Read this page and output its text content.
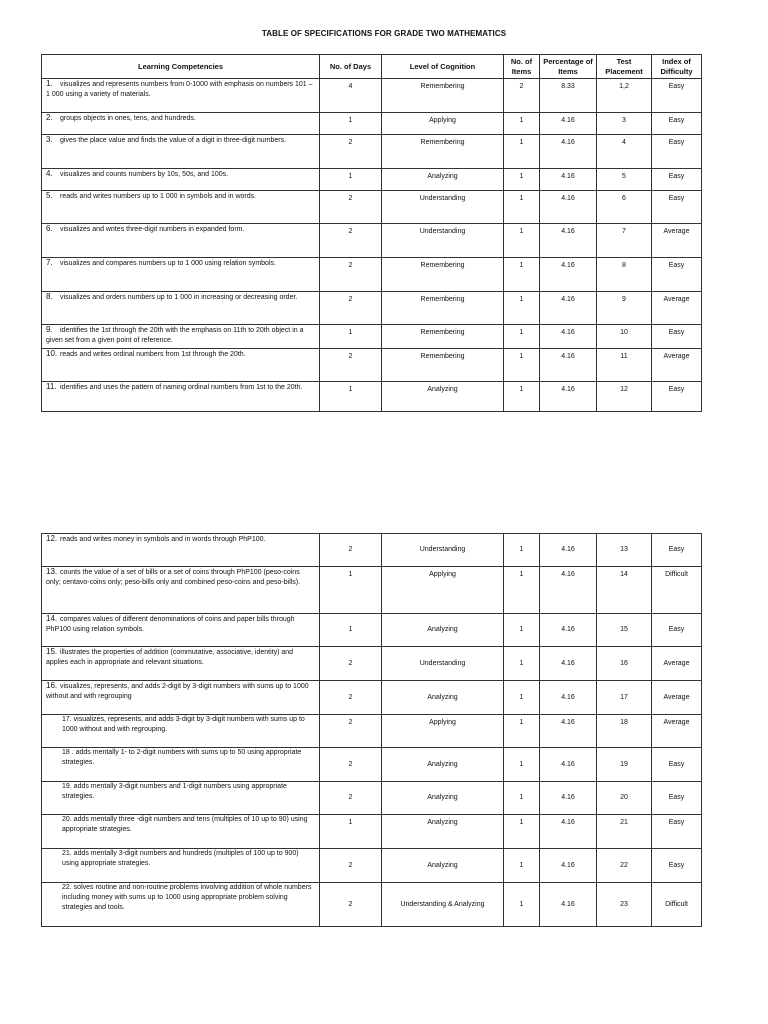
TABLE OF SPECIFICATIONS FOR GRADE TWO MATHEMATICS
Learning Competencies	No. of Days	Level of Cognition	No. of Items	Percentage of Items	Test Placement	Index of Difficulty
1. visualizes and represents numbers from 0-1000 with emphasis on numbers 101 – 1 000 using a variety of materials.	4	Remembering	2	8.33	1,2	Easy
2. groups objects in ones, tens, and hundreds.	1	Applying	1	4.16	3	Easy
3. gives the place value and finds the value of a digit in three-digit numbers.	2	Remembering	1	4.16	4	Easy
4. visualizes and counts numbers by 10s, 50s, and 100s.	1	Analyzing	1	4.16	5	Easy
5. reads and writes numbers up to 1 000 in symbols and in words.	2	Understanding	1	4.16	6	Easy
6. visualizes and writes three-digit numbers in expanded form.	2	Understanding	1	4.16	7	Average
7. visualizes and compares numbers up to 1 000 using relation symbols.	2	Remembering	1	4.16	8	Easy
8. visualizes and orders numbers up to 1 000 in increasing or decreasing order.	2	Remembering	1	4.16	9	Average
9. identifies the 1st through the 20th with the emphasis on 11th to 20th object in a given set from a given point of reference.	1	Remembering	1	4.16	10	Easy
10. reads and writes ordinal numbers from 1st through the 20th.	2	Remembering	1	4.16	11	Average
11. identifies and uses the pattern of naming ordinal numbers from 1st to the 20th.	1	Analyzing	1	4.16	12	Easy
12. reads and writes money in symbols and in words through PhP100.	2	Understanding	1	4.16	13	Easy
13. counts the value of a set of bills or a set of coins through PhP100 (peso-coins only; centavo-coins only; peso-bills only and combined peso-coins and peso-bills).	1	Applying	1	4.16	14	Difficult
14. compares values of different denominations of coins and paper bills through PhP100 using relation symbols.	1	Analyzing	1	4.16	15	Easy
15. illustrates the properties of addition (commutative, associative, identity) and applies each in appropriate and relevant situations.	2	Understanding	1	4.16	16	Average
16. visualizes, represents, and adds 2-digit by 3-digit numbers with sums up to 1000 without and with regrouping	2	Analyzing	1	4.16	17	Average
17. visualizes, represents, and adds 3-digit by 3-digit numbers with sums up to 1000 without and with regrouping.	2	Applying	1	4.16	18	Average
18 . adds mentally 1- to 2-digit numbers with sums up to 50 using appropriate strategies.	2	Analyzing	1	4.16	19	Easy
19. adds mentally 3-digit numbers and 1-digit numbers using appropriate strategies.	2	Analyzing	1	4.16	20	Easy
20. adds mentally three -digit numbers and tens (multiples of 10 up to 90) using appropriate strategies.	1	Analyzing	1	4.16	21	Easy
21. adds mentally 3-digit numbers and hundreds (multiples of 100 up to 900) using appropriate strategies.	2	Analyzing	1	4.16	22	Easy
22. solves routine and non-routine problems involving addition of whole numbers including money with sums up to 1000 using appropriate problem solving strategies and tools.	2	Understanding & Analyzing	1	4.16	23	Difficult
